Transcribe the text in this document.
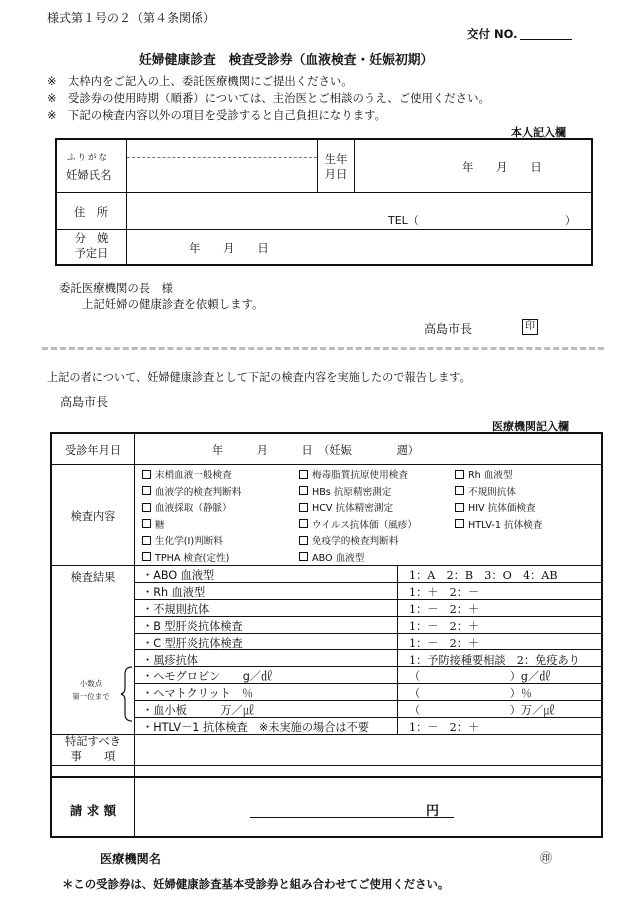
様式第１号の２（第４条関係）
交付 NO.
妊婦健康診査　検査受診券（血液検査・妊娠初期）
※　太枠内をご記入の上、委託医療機関にご提出ください。
※　受診券の使用時期（順番）については、主治医とご相談のうえ、ご使用ください。
※　下記の検査内容以外の項目を受診すると自己負担になります。
本人記入欄
ふりがな
妊婦氏名
生年
月日	年　　月　　日
住　所
TEL（	）
分　娩
予定日	年　　月　　日
委託医療機関の長　様
上記妊婦の健康診査を依頼します。
高島市長	印
上記の者について、妊婦健康診査として下記の検査内容を実施したので報告します。
高島市長
医療機関記入欄
受診年月日	年　　　月　　　日　（妊娠　　　　週）
検査内容
末梢血液一般検査
血液学的検査判断料
血液採取（静脈）
糖
生化学(Ⅰ)判断料
TPHA 検査(定性)
梅毒脂質抗原使用検査
HBs 抗原精密測定
HCV 抗体精密測定
ウイルス抗体価（風疹）
免疫学的検査判断料
ABO 血液型
Rh 血液型
不規則抗体
HIV 抗体価検査
HTLV-1 抗体検査
検査結果
小数点
第一位まで
特記すべき
事　　項
請 求 額	円
・ABO 血液型	1：A　2：B　3：O　4：AB
・Rh 血液型	1：＋　2：－
・不規則抗体	1：－　2：＋
・B 型肝炎抗体検査	1：－　2：＋
・C 型肝炎抗体検査	1：－　2：＋
・風疹抗体	1：予防接種要相談　2：免疫あり
・ヘモグロビン　　g／㎗	（　　　　　　　　）g／㎗
・ヘマトクリット　％	（　　　　　　　　）％
・血小板　　　万／㎕	（　　　　　　　　）万／㎕
・HTLV－1 抗体検査　※未実施の場合は不要	1：－　2：＋
医療機関名	㊞
＊この受診券は、妊婦健康診査基本受診券と組み合わせてご使用ください。
